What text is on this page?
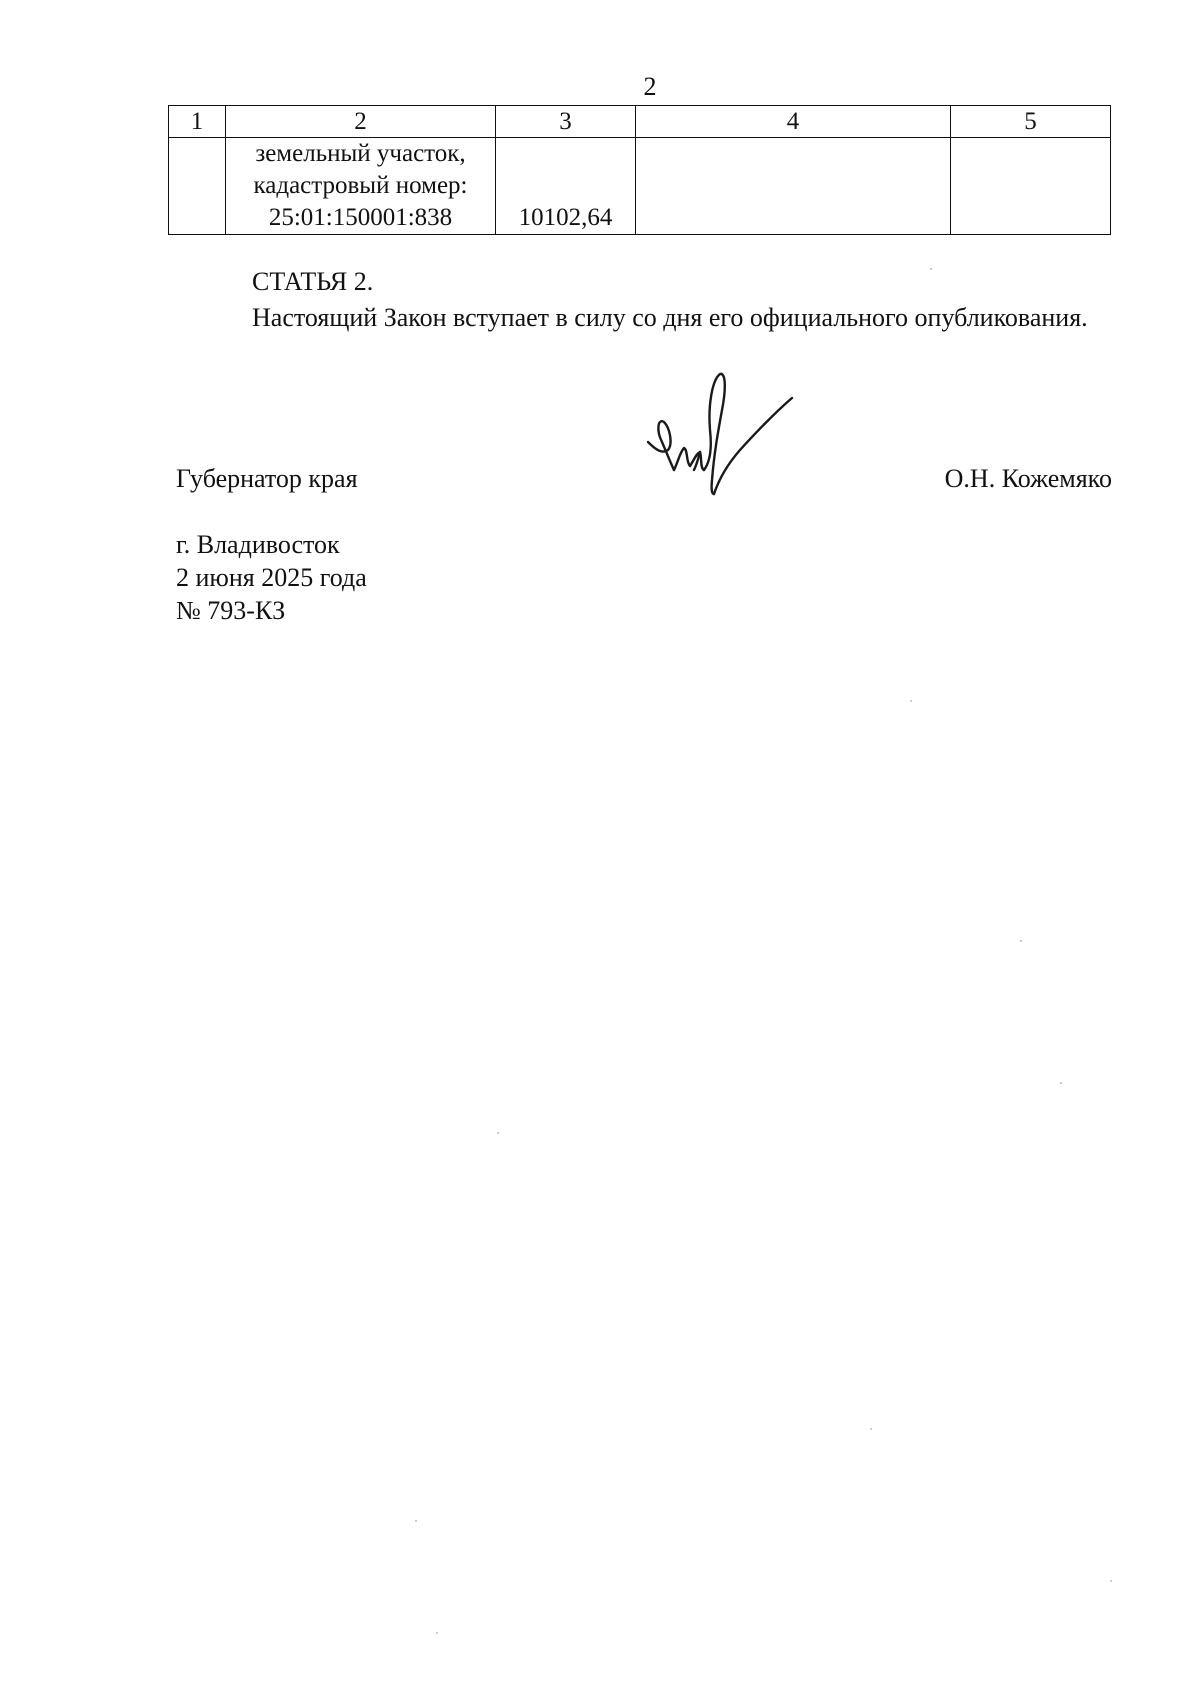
2
1	2	3	4	5

	земельный участок,
кадастровый номер:
25:01:150001:838	10102,64		
СТАТЬЯ 2.
Настоящий Закон вступает в силу со дня его официального опубликования.
Губернатор края	О.Н. Кожемяко
г. Владивосток
2 июня 2025 года
№ 793-КЗ
